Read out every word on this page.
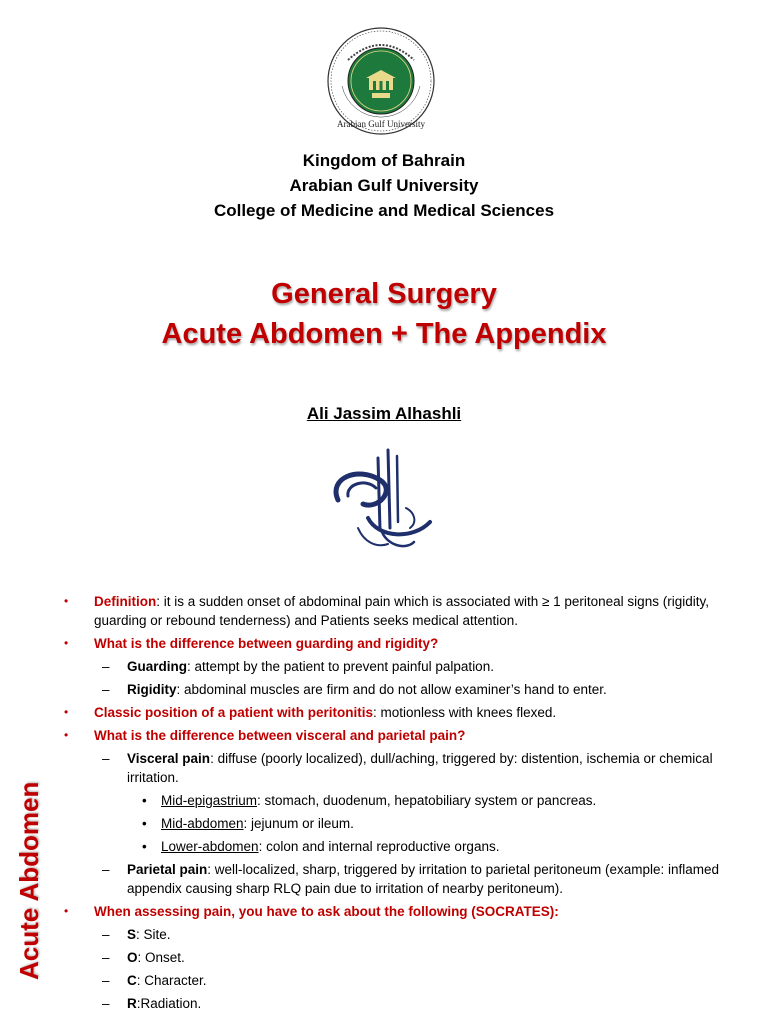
Arabian Gulf University
Kingdom of Bahrain
Arabian Gulf University
College of Medicine and Medical Sciences
General Surgery
Acute Abdomen + The Appendix
Ali Jassim Alhashli
Acute Abdomen
• Definition: it is a sudden onset of abdominal pain which is associated with ≥ 1 peritoneal signs (rigidity, guarding or rebound tenderness) and Patients seeks medical attention.
• What is the difference between guarding and rigidity?
– Guarding: attempt by the patient to prevent painful palpation.
– Rigidity: abdominal muscles are firm and do not allow examiner’s hand to enter.
• Classic position of a patient with peritonitis: motionless with knees flexed.
• What is the difference between visceral and parietal pain?
– Visceral pain: diffuse (poorly localized), dull/aching, triggered by: distention, ischemia or chemical irritation.
• Mid-epigastrium: stomach, duodenum, hepatobiliary system or pancreas.
• Mid-abdomen: jejunum or ileum.
• Lower-abdomen: colon and internal reproductive organs.
– Parietal pain: well-localized, sharp, triggered by irritation to parietal peritoneum (example: inflamed appendix causing sharp RLQ pain due to irritation of nearby peritoneum).
• When assessing pain, you have to ask about the following (SOCRATES):
– S: Site.
– O: Onset.
– C: Character.
– R:Radiation.
